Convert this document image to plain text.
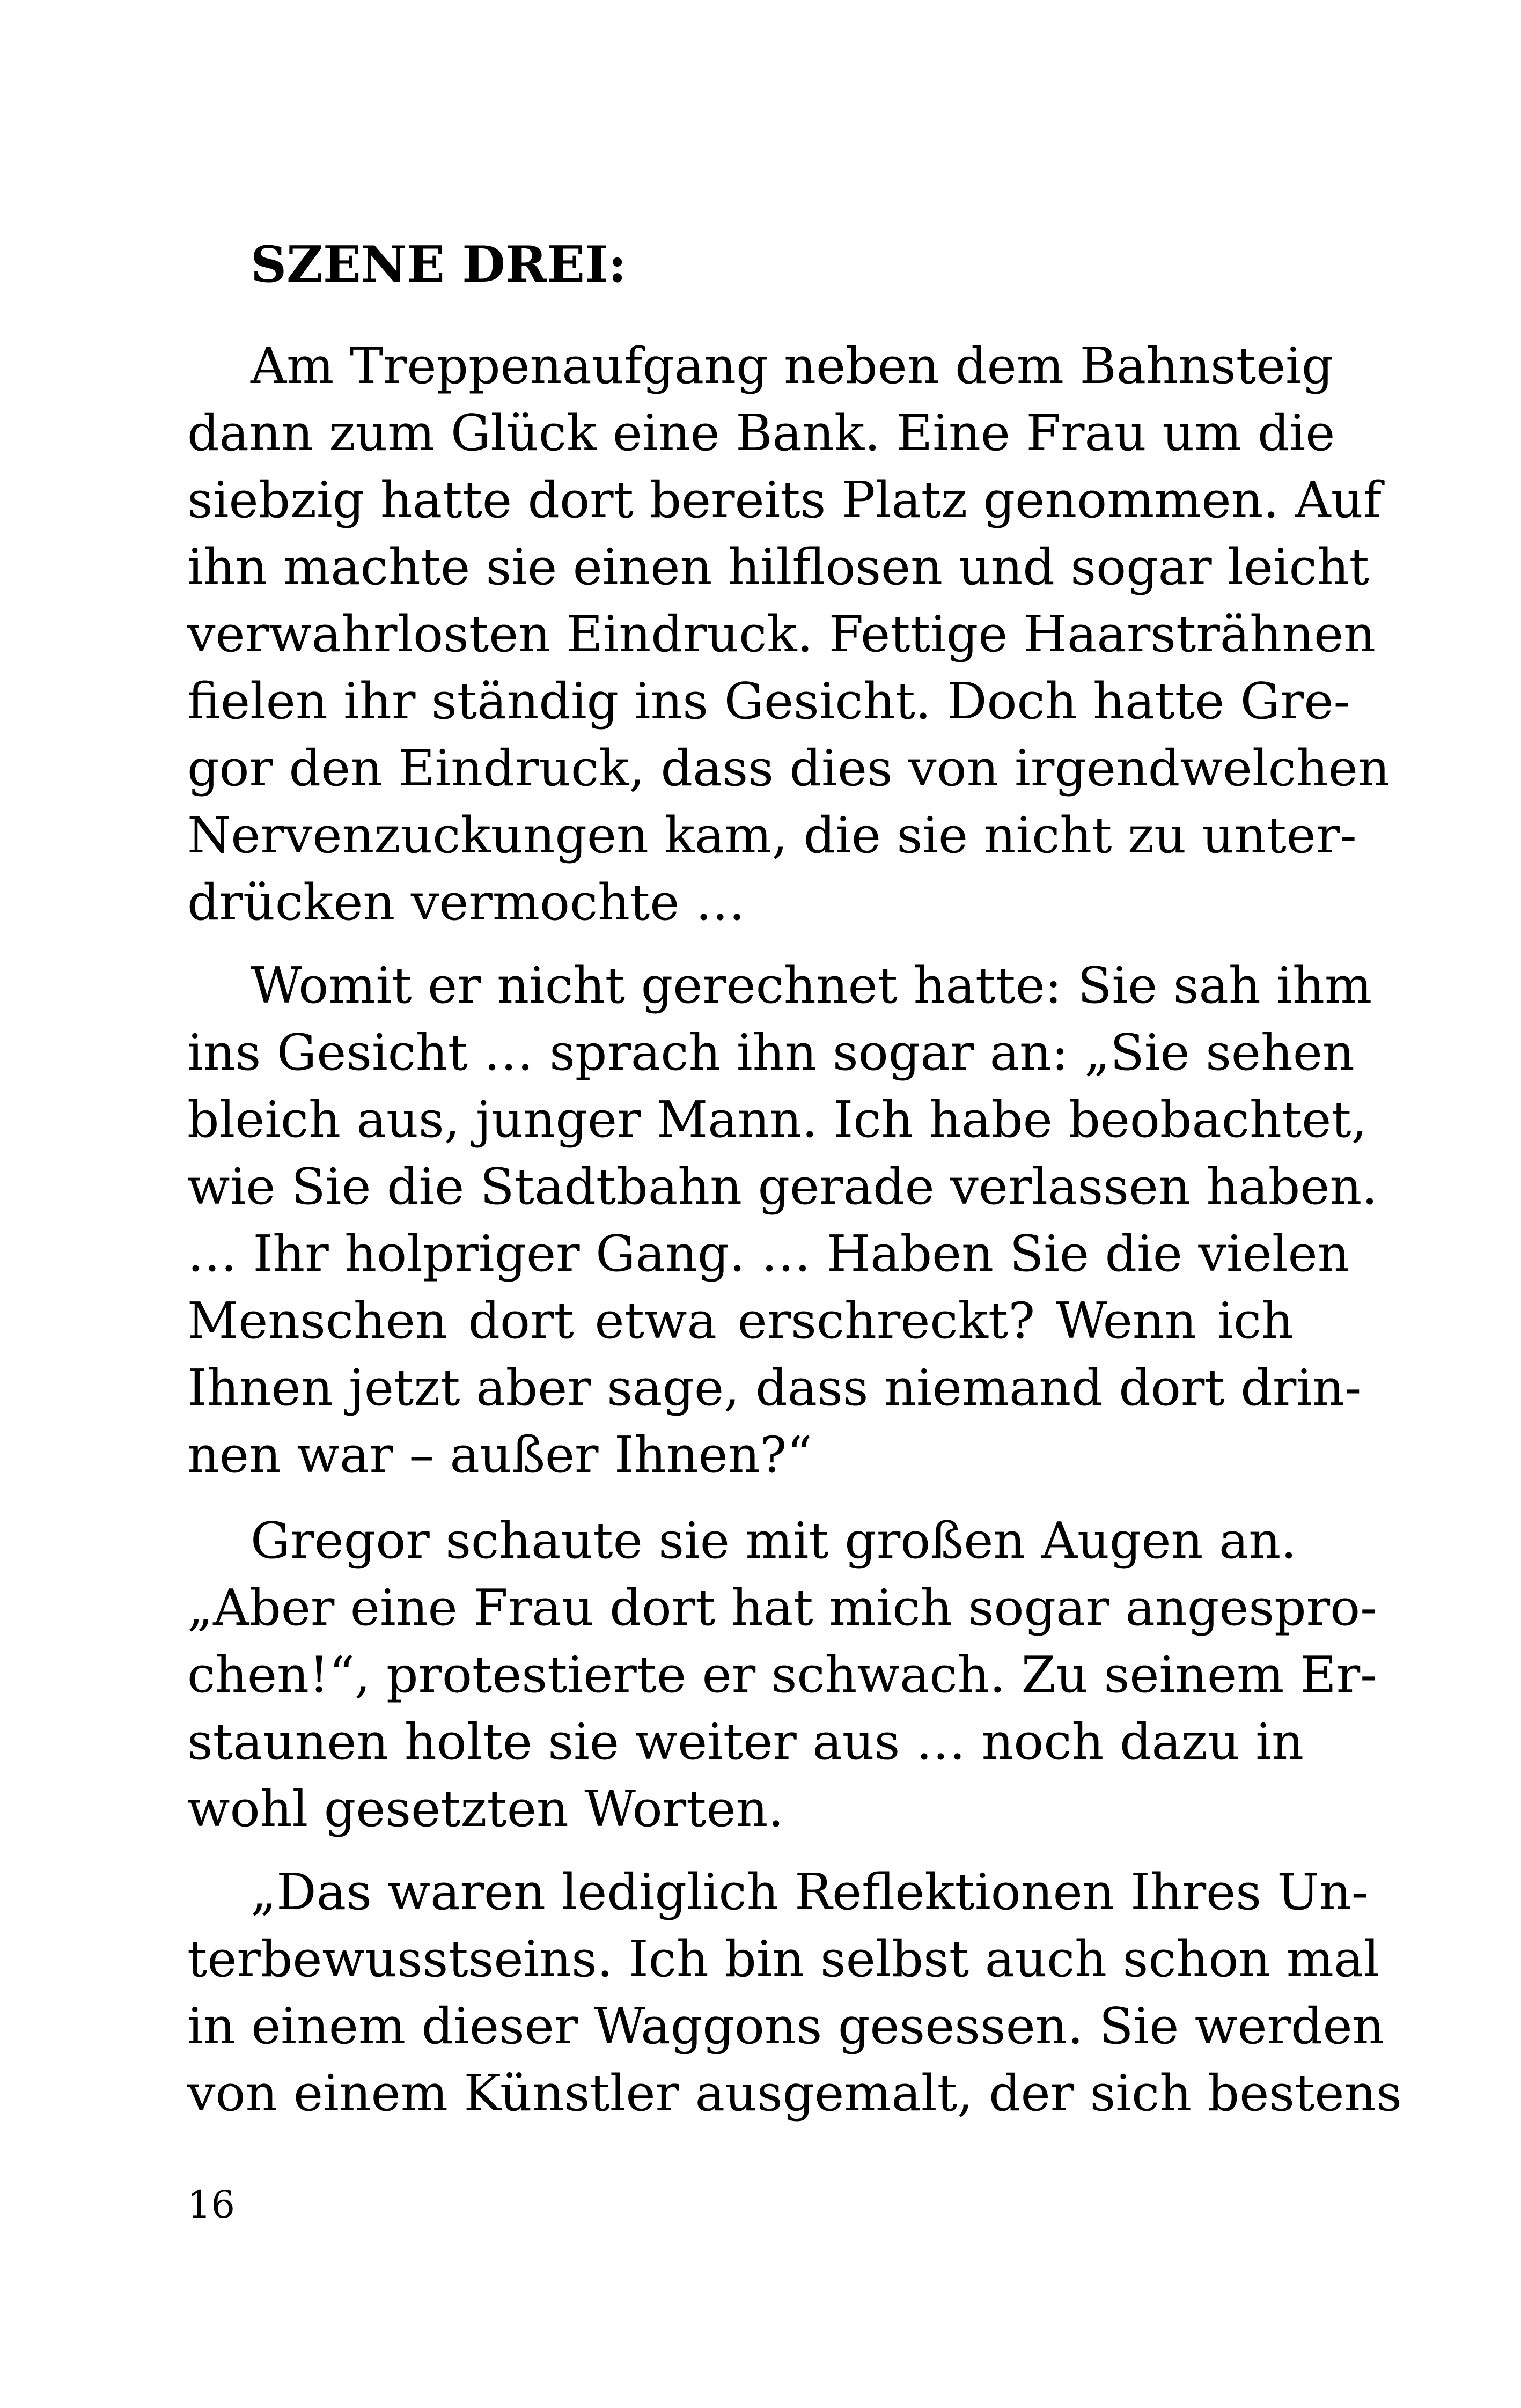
SZENE DREI:
Am Treppenaufgang neben dem Bahnsteig
dann zum Glück eine Bank. Eine Frau um die
siebzig hatte dort bereits Platz genommen. Auf
ihn machte sie einen hilflosen und sogar leicht
verwahrlosten Eindruck. Fettige Haarsträhnen
fielen ihr ständig ins Gesicht. Doch hatte Gre-
gor den Eindruck, dass dies von irgendwelchen
Nervenzuckungen kam, die sie nicht zu unter-
drücken vermochte …
Womit er nicht gerechnet hatte: Sie sah ihm
ins Gesicht … sprach ihn sogar an: „Sie sehen
bleich aus, junger Mann. Ich habe beobachtet,
wie Sie die Stadtbahn gerade verlassen haben.
… Ihr holpriger Gang. … Haben Sie die vielen
Menschen dort etwa erschreckt? Wenn ich
Ihnen jetzt aber sage, dass niemand dort drin-
nen war – außer Ihnen?“
Gregor schaute sie mit großen Augen an.
„Aber eine Frau dort hat mich sogar angespro-
chen!“, protestierte er schwach. Zu seinem Er-
staunen holte sie weiter aus … noch dazu in
wohl gesetzten Worten.
„Das waren lediglich Reflektionen Ihres Un-
terbewusstseins. Ich bin selbst auch schon mal
in einem dieser Waggons gesessen. Sie werden
von einem Künstler ausgemalt, der sich bestens
16
